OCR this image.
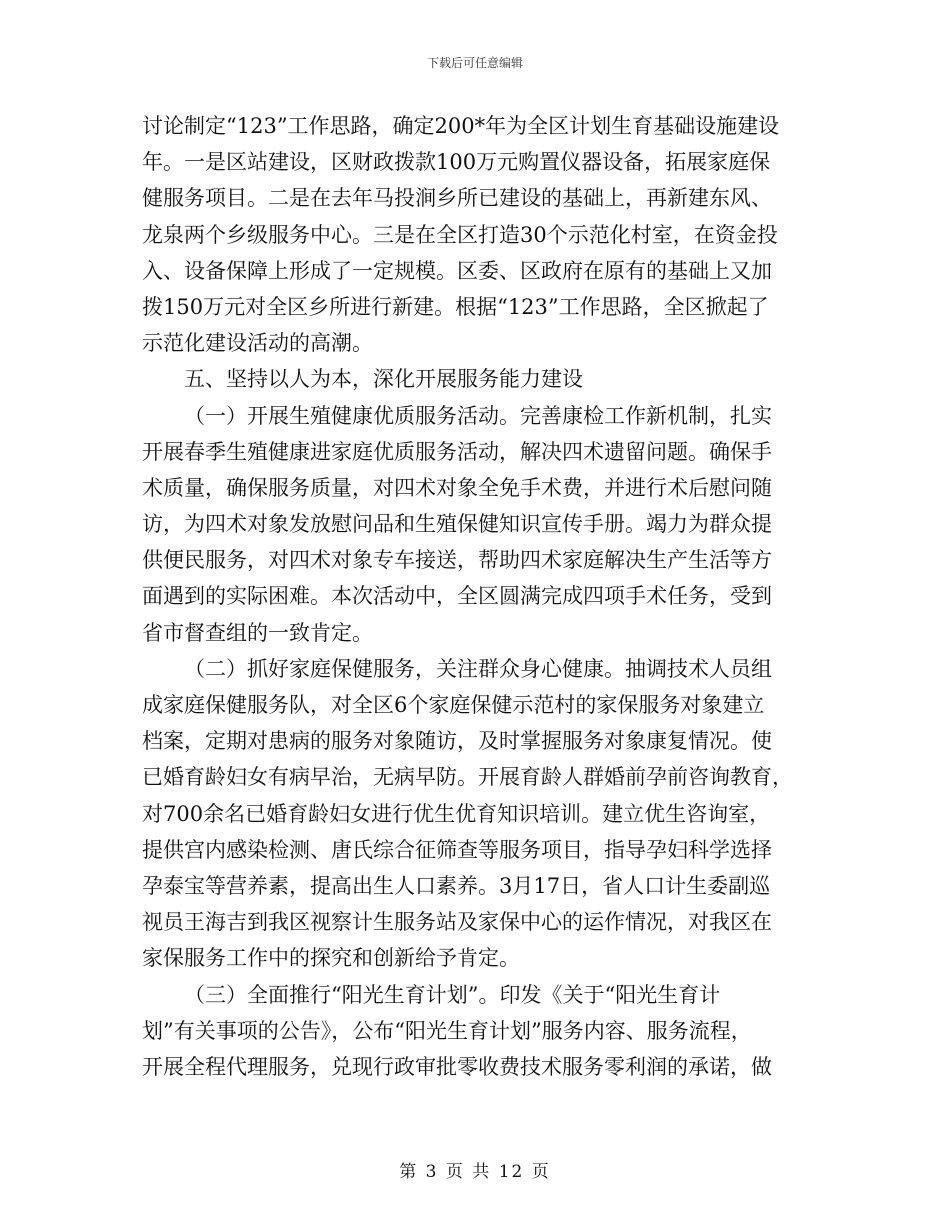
下载后可任意编辑
讨论制定“123”工作思路，确定200*年为全区计划生育基础设施建设
年。一是区站建设，区财政拨款100万元购置仪器设备，拓展家庭保
健服务项目。二是在去年马投涧乡所已建设的基础上，再新建东风、
龙泉两个乡级服务中心。三是在全区打造30个示范化村室，在资金投
入、设备保障上形成了一定规模。区委、区政府在原有的基础上又加
拨150万元对全区乡所进行新建。根据“123”工作思路，全区掀起了
示范化建设活动的高潮。
五、坚持以人为本，深化开展服务能力建设
（一）开展生殖健康优质服务活动。完善康检工作新机制，扎实
开展春季生殖健康进家庭优质服务活动，解决四术遗留问题。确保手
术质量，确保服务质量，对四术对象全免手术费，并进行术后慰问随
访，为四术对象发放慰问品和生殖保健知识宣传手册。竭力为群众提
供便民服务，对四术对象专车接送，帮助四术家庭解决生产生活等方
面遇到的实际困难。本次活动中，全区圆满完成四项手术任务，受到
省市督查组的一致肯定。
（二）抓好家庭保健服务，关注群众身心健康。抽调技术人员组
成家庭保健服务队，对全区6个家庭保健示范村的家保服务对象建立
档案，定期对患病的服务对象随访，及时掌握服务对象康复情况。使
已婚育龄妇女有病早治，无病早防。开展育龄人群婚前孕前咨询教育，
对700余名已婚育龄妇女进行优生优育知识培训。建立优生咨询室，
提供宫内感染检测、唐氏综合征筛查等服务项目，指导孕妇科学选择
孕泰宝等营养素，提高出生人口素养。3月17日，省人口计生委副巡
视员王海吉到我区视察计生服务站及家保中心的运作情况，对我区在
家保服务工作中的探究和创新给予肯定。
（三）全面推行“阳光生育计划”。印发《关于“阳光生育计
划”有关事项的公告》，公布“阳光生育计划”服务内容、服务流程，
开展全程代理服务，兑现行政审批零收费技术服务零利润的承诺，做
第 3 页 共 12 页
